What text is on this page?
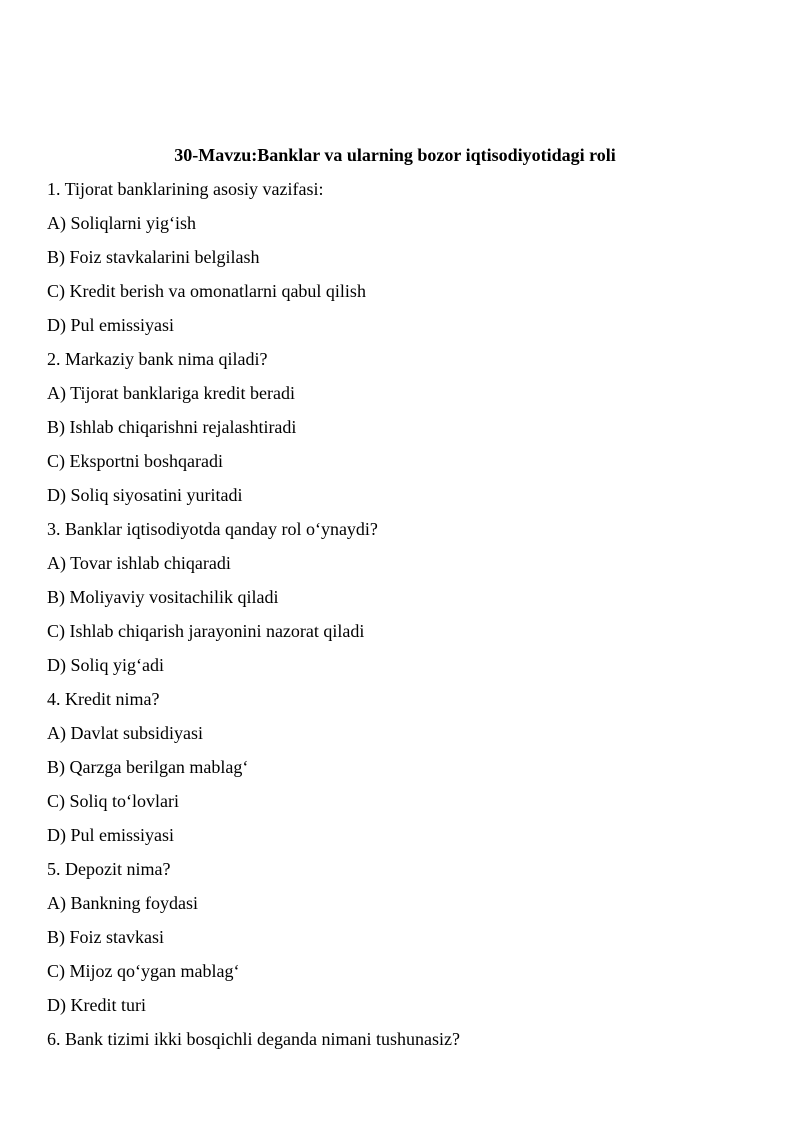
30-Mavzu:Banklar va ularning bozor iqtisodiyotidagi roli
1. Tijorat banklarining asosiy vazifasi:
A) Soliqlarni yig‘ish
B) Foiz stavkalarini belgilash
C) Kredit berish va omonatlarni qabul qilish
D) Pul emissiyasi
2. Markaziy bank nima qiladi?
A) Tijorat banklariga kredit beradi
B) Ishlab chiqarishni rejalashtiradi
C) Eksportni boshqaradi
D) Soliq siyosatini yuritadi
3. Banklar iqtisodiyotda qanday rol o‘ynaydi?
A) Tovar ishlab chiqaradi
B) Moliyaviy vositachilik qiladi
C) Ishlab chiqarish jarayonini nazorat qiladi
D) Soliq yig‘adi
4. Kredit nima?
A) Davlat subsidiyasi
B) Qarzga berilgan mablag‘
C) Soliq to‘lovlari
D) Pul emissiyasi
5. Depozit nima?
A) Bankning foydasi
B) Foiz stavkasi
C) Mijoz qo‘ygan mablag‘
D) Kredit turi
6. Bank tizimi ikki bosqichli deganda nimani tushunasiz?
